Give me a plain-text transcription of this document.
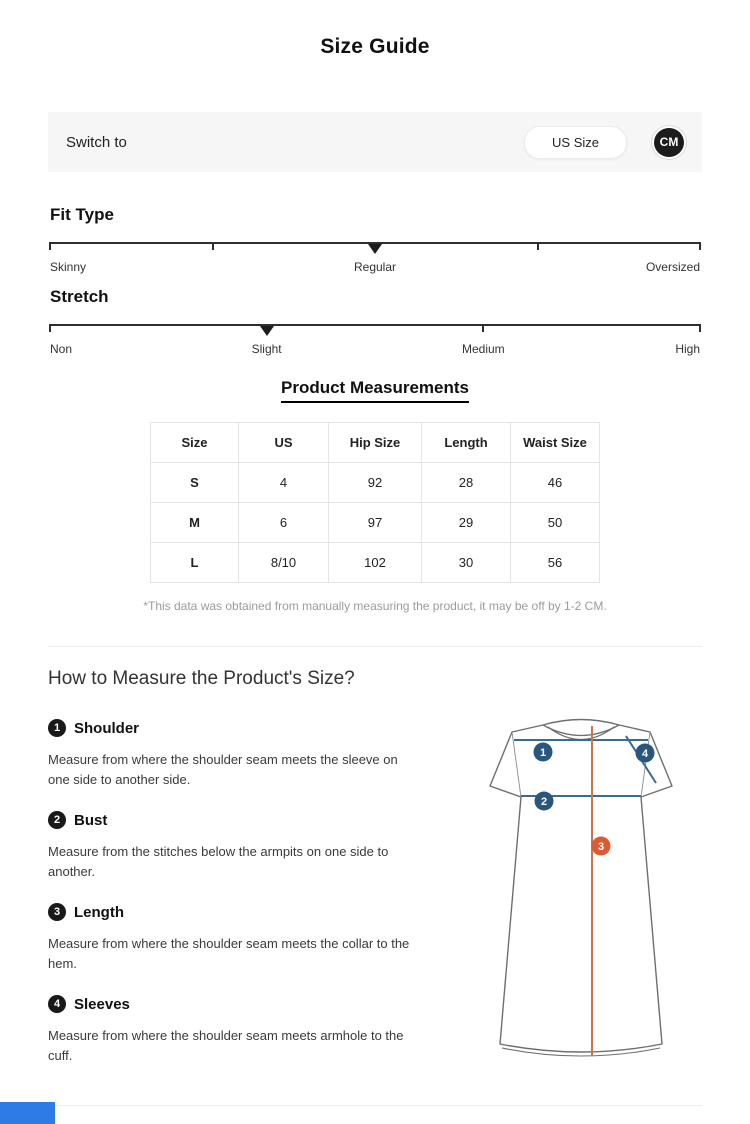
Size Guide
Switch to	US Size	CM
Fit Type
Skinny	Regular	Oversized
Stretch
Non	Slight	Medium	High
Product Measurements
Size	US	Hip Size	Length	Waist Size
S	4	92	28	46
M	6	97	29	50
L	8/10	102	30	56
*This data was obtained from manually measuring the product, it may be off by 1-2 CM.
How to Measure the Product's Size?
1 Shoulder
Measure from where the shoulder seam meets the sleeve on one side to another side.
2 Bust
Measure from the stitches below the armpits on one side to another.
3 Length
Measure from where the shoulder seam meets the collar to the hem.
4 Sleeves
Measure from where the shoulder seam meets armhole to the cuff.
1
2
3
4
